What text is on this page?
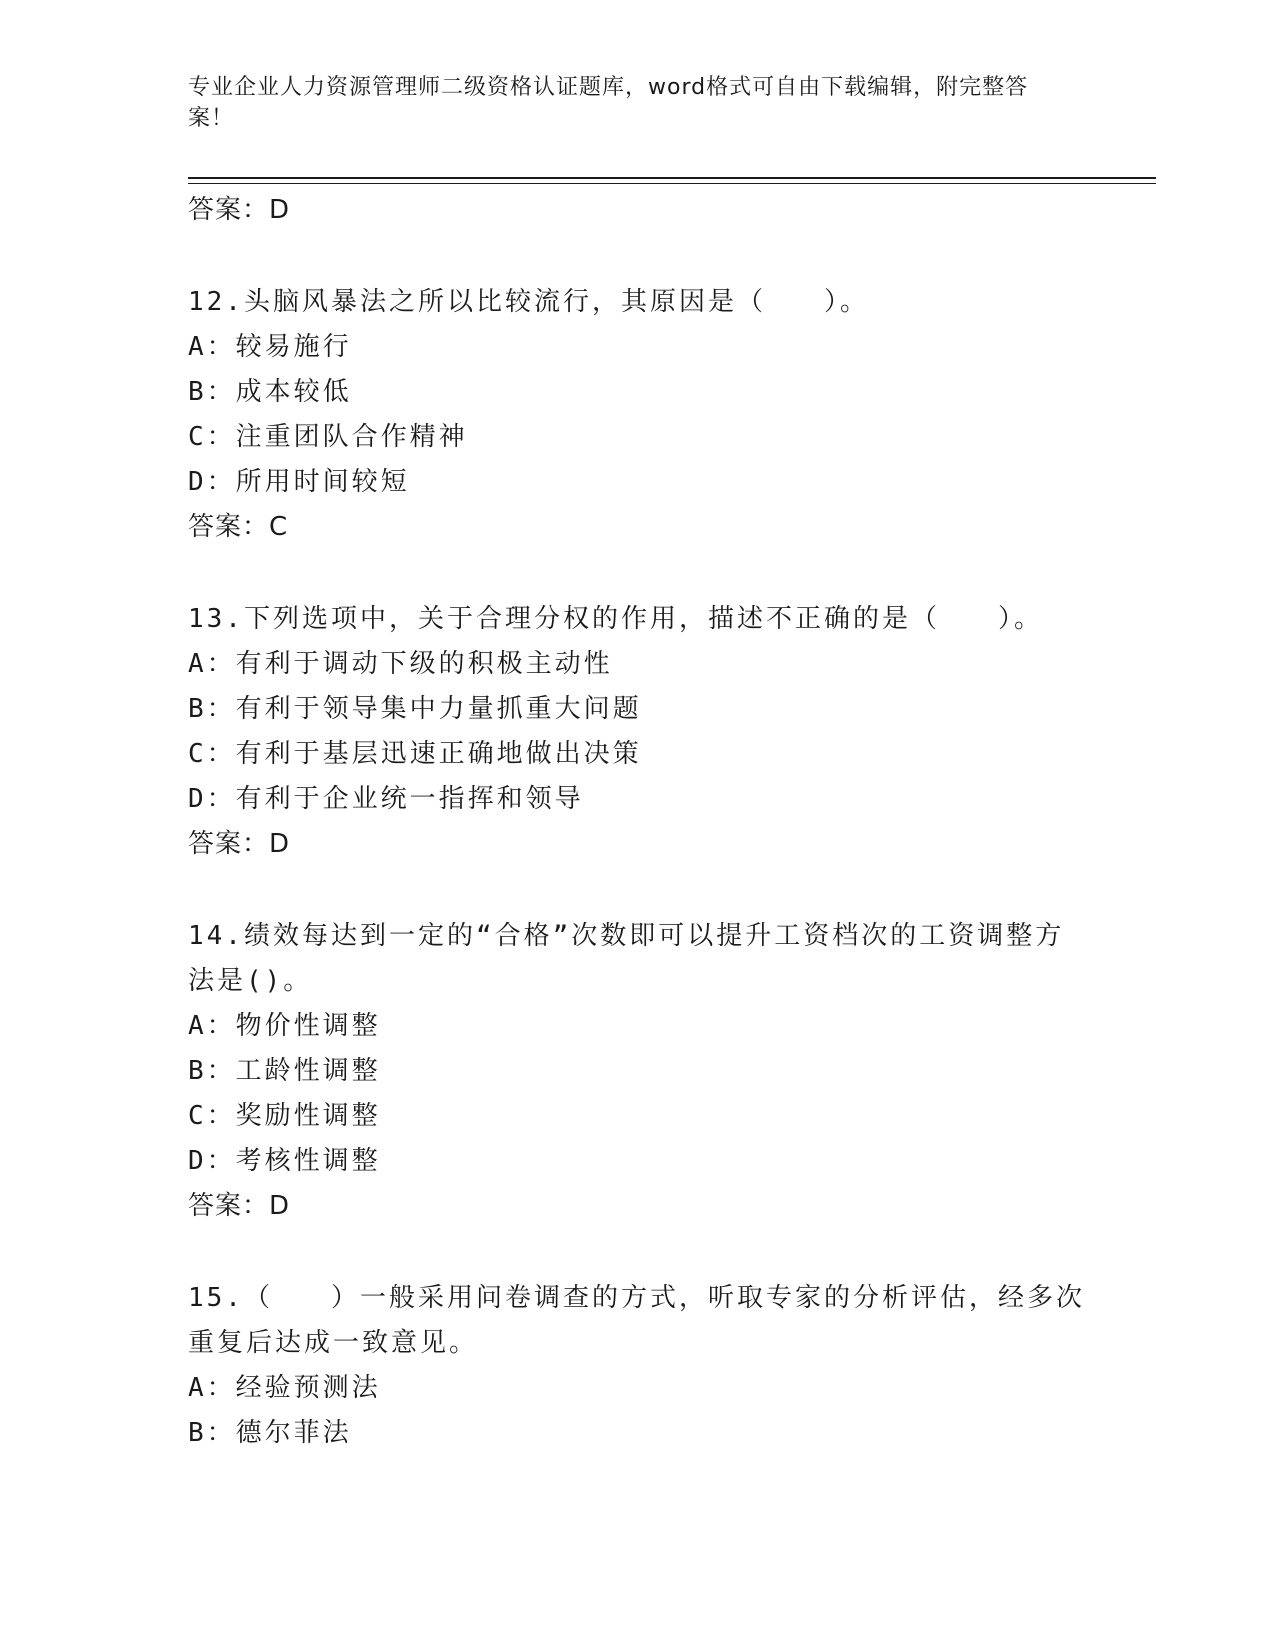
专业企业人力资源管理师二级资格认证题库，word格式可自由下载编辑，附完整答案！
答案：D
12.头脑风暴法之所以比较流行，其原因是（　　）。
A：较易施行
B：成本较低
C：注重团队合作精神
D：所用时间较短
答案：C
13.下列选项中，关于合理分权的作用，描述不正确的是（　　）。
A：有利于调动下级的积极主动性
B：有利于领导集中力量抓重大问题
C：有利于基层迅速正确地做出决策
D：有利于企业统一指挥和领导
答案：D
14.绩效每达到一定的“合格”次数即可以提升工资档次的工资调整方法是()。
A：物价性调整
B：工龄性调整
C：奖励性调整
D：考核性调整
答案：D
15.（　　）一般采用问卷调查的方式，听取专家的分析评估，经多次重复后达成一致意见。
A：经验预测法
B：德尔菲法
